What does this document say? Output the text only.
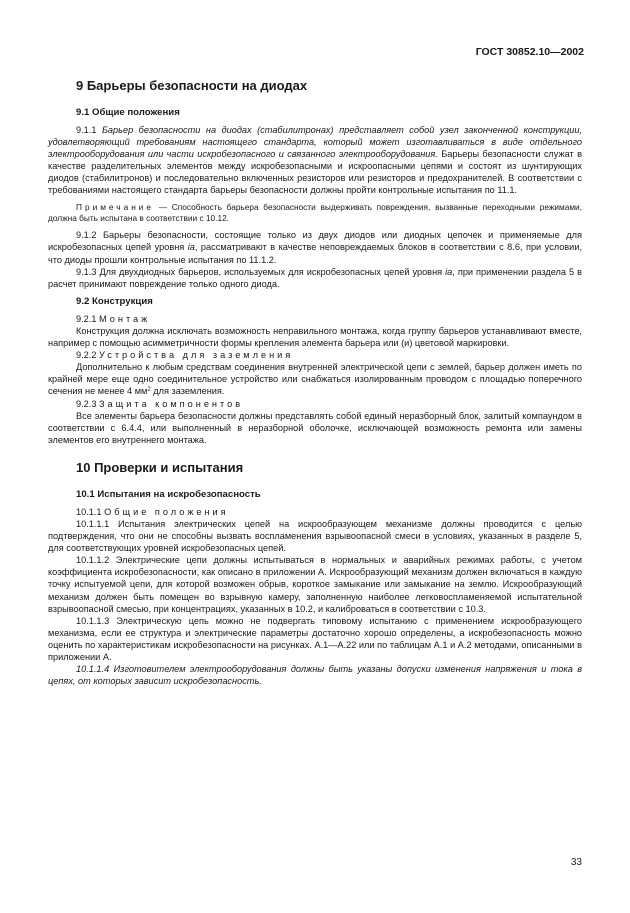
ГОСТ 30852.10—2002
9 Барьеры безопасности на диодах
9.1 Общие положения

9.1.1 Барьер безопасности на диодах (стабилитронах) представляет собой узел законченной конструкции, удовлетворяющий требованиям настоящего стандарта, который может изготавливаться в виде отдельного электрооборудования или части искробезопасного и связанного электрооборудования. Барьеры безопасности служат в качестве разделительных элементов между искробезопасными и искроопасными цепями и состоят из шунтирующих диодов (стабилитронов) и последовательно включенных резисторов или резисторов и предохранителей. В соответствии с требованиями настоящего стандарта барьеры безопасности должны пройти контрольные испытания по 11.1.

Примечание — Способность барьера безопасности выдерживать повреждения, вызванные переходными режимами, должна быть испытана в соответствии с 10.12.

9.1.2 Барьеры безопасности, состоящие только из двух диодов или диодных цепочек и применяемые для искробезопасных цепей уровня ia, рассматривают в качестве неповреждаемых блоков в соответствии с 8.6, при условии, что диоды прошли контрольные испытания по 11.1.2.

9.1.3 Для двухдиодных барьеров, используемых для искробезопасных цепей уровня ia, при применении раздела 5 в расчет принимают повреждение только одного диода.

9.2 Конструкция

9.2.1 Монтаж

Конструкция должна исключать возможность неправильного монтажа, когда группу барьеров устанавливают вместе, например с помощью асимметричности формы крепления элемента барьера или (и) цветовой маркировки.

9.2.2 Устройства для заземления

Дополнительно к любым средствам соединения внутренней электрической цепи с землей, барьер должен иметь по крайней мере еще одно соединительное устройство или снабжаться изолированным проводом с площадью поперечного сечения не менее 4 $мм^2$ для заземления.

9.2.3 Защита компонентов

Все элементы барьера безопасности должны представлять собой единый неразборный блок, залитый компаундом в соответствии с 6.4.4, или выполненный в неразборной оболочке, исключающей возможность ремонта или замены элементов его внутреннего монтажа.

10 Проверки и испытания
10.1 Испытания на искробезопасность

10.1.1 Общие положения

10.1.1.1 Испытания электрических цепей на искрообразующем механизме должны проводится с целью подтверждения, что они не способны вызвать воспламенения взрывоопасной смеси в условиях, указанных в разделе 5, для соответствующих уровней искробезопасных цепей.

10.1.1.2 Электрические цепи должны испытываться в нормальных и аварийных режимах работы, с учетом коэффициента искробезопасности, как описано в приложении А. Искрообразующий механизм должен включаться в каждую точку испытуемой цепи, для которой возможен обрыв, короткое замыкание или замыкание на землю. Искрообразующий механизм должен быть помещен во взрывную камеру, заполненную наиболее легковоспламеняемой испытательной взрывоопасной смесью, при концентрациях, указанных в 10.2, и калиброваться в соответствии с 10.3.

10.1.1.3 Электрическую цепь можно не подвергать типовому испытанию с применением искрообразующего механизма, если ее структура и электрические параметры достаточно хорошо определены, а искробезопасность можно оценить по характеристикам искробезопасности на рисунках. А.1—А.22 или по таблицам А.1 и А.2 методами, описанными в приложении А.

10.1.1.4 Изготовителем электрооборудования должны быть указаны допуски изменения напряжения и тока в цепях, от которых зависит искробезопасность.

33
